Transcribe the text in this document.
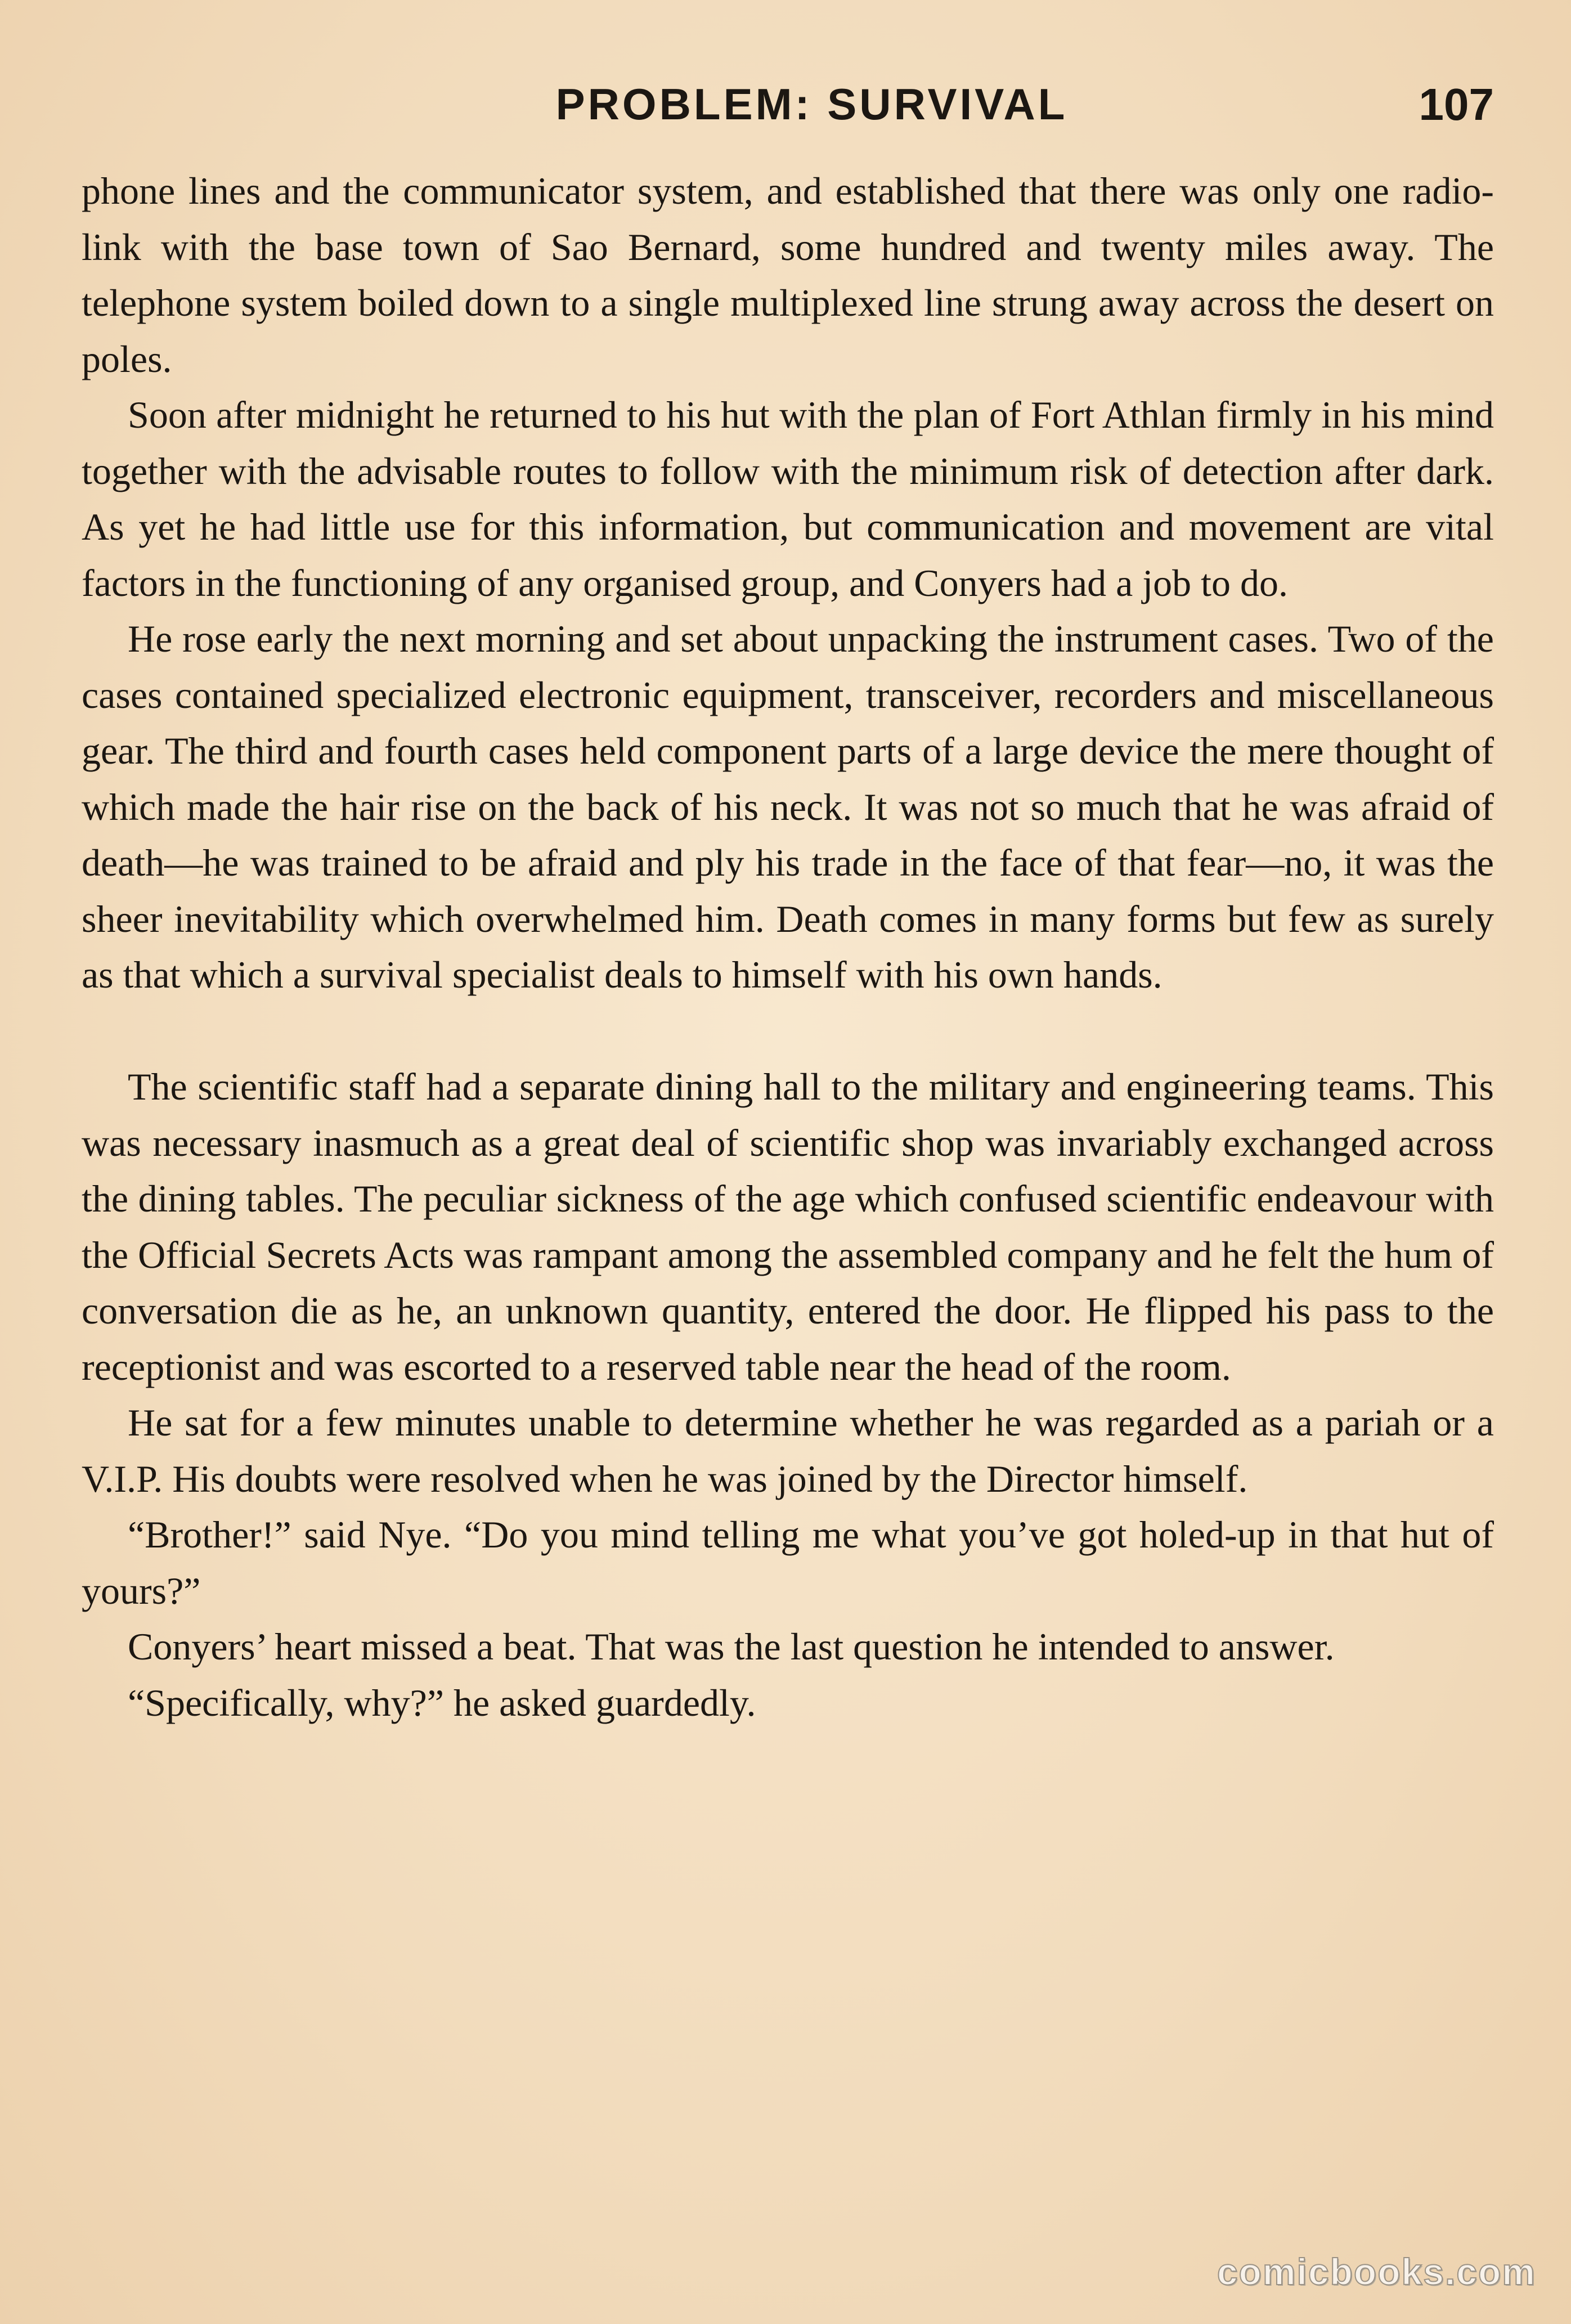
PROBLEM: SURVIVAL	107

phone lines and the communicator system, and established that there was only one radio-link with the base town of Sao Bernard, some hundred and twenty miles away. The telephone system boiled down to a single multiplexed line strung away across the desert on poles.

Soon after midnight he returned to his hut with the plan of Fort Athlan firmly in his mind together with the advisable routes to follow with the minimum risk of detection after dark. As yet he had little use for this information, but communication and movement are vital factors in the functioning of any organised group, and Conyers had a job to do.

He rose early the next morning and set about unpacking the instrument cases. Two of the cases contained specialized electronic equipment, transceiver, recorders and miscellaneous gear. The third and fourth cases held component parts of a large device the mere thought of which made the hair rise on the back of his neck. It was not so much that he was afraid of death—he was trained to be afraid and ply his trade in the face of that fear—no, it was the sheer inevitability which overwhelmed him. Death comes in many forms but few as surely as that which a survival specialist deals to himself with his own hands.

The scientific staff had a separate dining hall to the military and engineering teams. This was necessary inasmuch as a great deal of scientific shop was invariably exchanged across the dining tables. The peculiar sickness of the age which confused scientific endeavour with the Official Secrets Acts was rampant among the assembled company and he felt the hum of conversation die as he, an unknown quantity, entered the door. He flipped his pass to the receptionist and was escorted to a reserved table near the head of the room.

He sat for a few minutes unable to determine whether he was regarded as a pariah or a V.I.P. His doubts were resolved when he was joined by the Director himself.

“Brother!” said Nye. “Do you mind telling me what you’ve got holed-up in that hut of yours?”

Conyers’ heart missed a beat. That was the last question he intended to answer.

“Specifically, why?” he asked guardedly.

comicbooks.com
